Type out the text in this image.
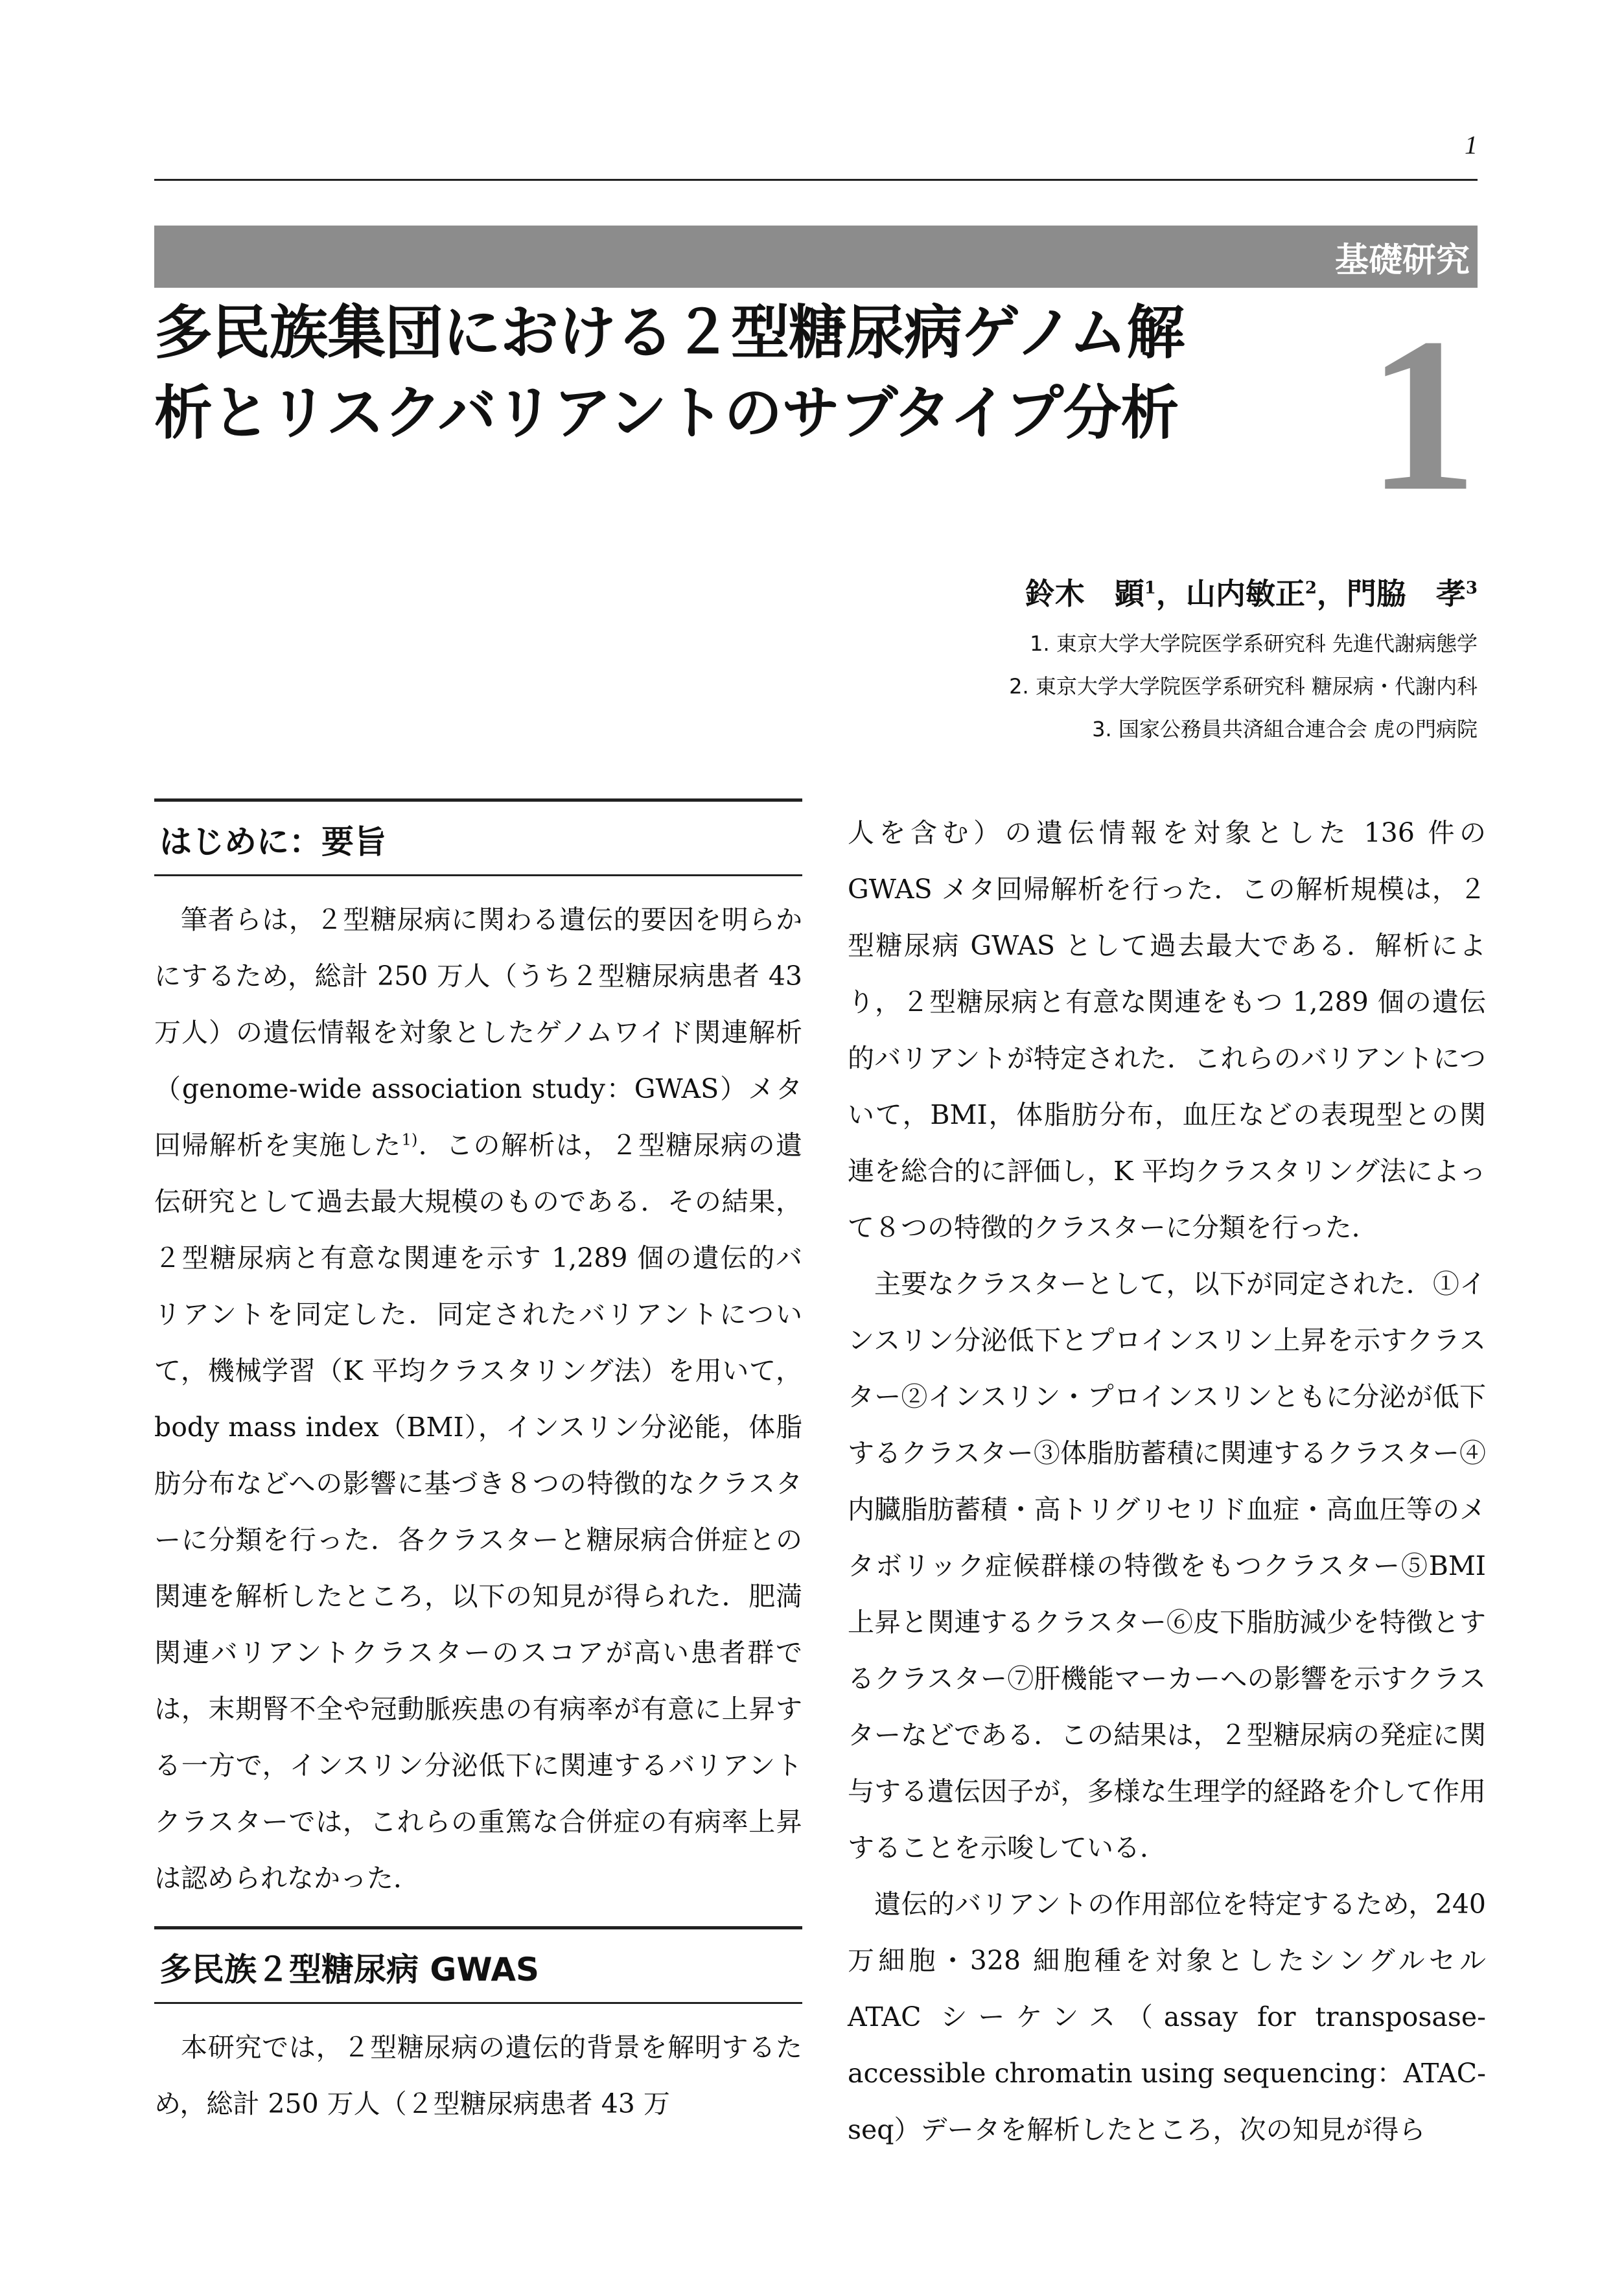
1
基礎研究
多民族集団における２型糖尿病ゲノム解析とリスクバリアントのサブタイプ分析 1
鈴木　顕$^1$，山内敏正$^2$，門脇　孝$^3$
1. 東京大学大学院医学系研究科 先進代謝病態学
2. 東京大学大学院医学系研究科 糖尿病・代謝内科
3. 国家公務員共済組合連合会 虎の門病院
はじめに：要旨

筆者らは，２型糖尿病に関わる遺伝的要因を明らかにするため，総計 250 万人（うち２型糖尿病患者 43 万人）の遺伝情報を対象としたゲノムワイド関連解析（genome-wide association study：GWAS）メタ回帰解析を実施した$^{1)}$．この解析は，２型糖尿病の遺伝研究として過去最大規模のものである．その結果，２型糖尿病と有意な関連を示す 1,289 個の遺伝的バリアントを同定した．同定されたバリアントについて，機械学習（K 平均クラスタリング法）を用いて，body mass index（BMI），インスリン分泌能，体脂肪分布などへの影響に基づき８つの特徴的なクラスターに分類を行った．各クラスターと糖尿病合併症との関連を解析したところ，以下の知見が得られた．肥満関連バリアントクラスターのスコアが高い患者群では，末期腎不全や冠動脈疾患の有病率が有意に上昇する一方で，インスリン分泌低下に関連するバリアントクラスターでは，これらの重篤な合併症の有病率上昇は認められなかった．

多民族２型糖尿病 GWAS

本研究では，２型糖尿病の遺伝的背景を解明するため，総計 250 万人（２型糖尿病患者 43 万

人を含む）の遺伝情報を対象とした 136 件の GWAS メタ回帰解析を行った．この解析規模は，２型糖尿病 GWAS として過去最大である．解析により，２型糖尿病と有意な関連をもつ 1,289 個の遺伝的バリアントが特定された．これらのバリアントについて，BMI，体脂肪分布，血圧などの表現型との関連を総合的に評価し，K 平均クラスタリング法によって８つの特徴的クラスターに分類を行った．

主要なクラスターとして，以下が同定された．①インスリン分泌低下とプロインスリン上昇を示すクラスター②インスリン・プロインスリンともに分泌が低下するクラスター③体脂肪蓄積に関連するクラスター④内臓脂肪蓄積・高トリグリセリド血症・高血圧等のメタボリック症候群様の特徴をもつクラスター⑤BMI 上昇と関連するクラスター⑥皮下脂肪減少を特徴とするクラスター⑦肝機能マーカーへの影響を示すクラスターなどである．この結果は，２型糖尿病の発症に関与する遺伝因子が，多様な生理学的経路を介して作用することを示唆している．

遺伝的バリアントの作用部位を特定するため，240 万細胞・328 細胞種を対象としたシングルセル ATAC シーケンス（assay for transposase-accessible chromatin using sequencing：ATAC-seq）データを解析したところ，次の知見が得ら
